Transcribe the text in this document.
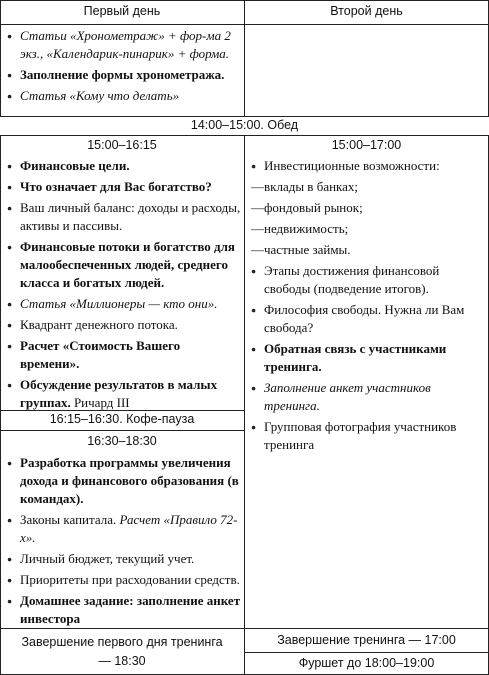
Первый день	Второй день
● Статьи «Хронометраж» + фор-ма 2 экз., «Календарик-пинарик» + форма.
● Заполнение формы хронометража.
● Статья «Кому что делать»
14:00–15:00. Обед
15:00–16:15
● Финансовые цели.
● Что означает для Вас богатство?
● Ваш личный баланс: доходы и расходы, активы и пассивы.
● Финансовые потоки и богатство для малообеспеченных людей, среднего класса и богатых людей.
● Статья «Миллионеры — кто они».
● Квадрант денежного потока.
● Расчет «Стоимость Вашего времени».
● Обсуждение результатов в малых группах. Ричард III
16:15–16:30. Кофе-пауза
16:30–18:30
● Разработка программы увеличения дохода и финансового образования (в командах).
● Законы капитала. Расчет «Правило 72-х».
● Личный бюджет, текущий учет.
● Приоритеты при расходовании средств.
● Домашнее задание: заполнение анкет инвестора
Завершение первого дня тренинга — 18:30
15:00–17:00
● Инвестиционные возможности:
— вклады в банках;
— фондовый рынок;
— недвижимость;
— частные займы.
● Этапы достижения финансовой свободы (подведение итогов).
● Философия свободы. Нужна ли Вам свобода?
● Обратная связь с участниками тренинга.
● Заполнение анкет участников тренинга.
● Групповая фотография участников тренинга
Завершение тренинга — 17:00
Фуршет до 18:00–19:00
